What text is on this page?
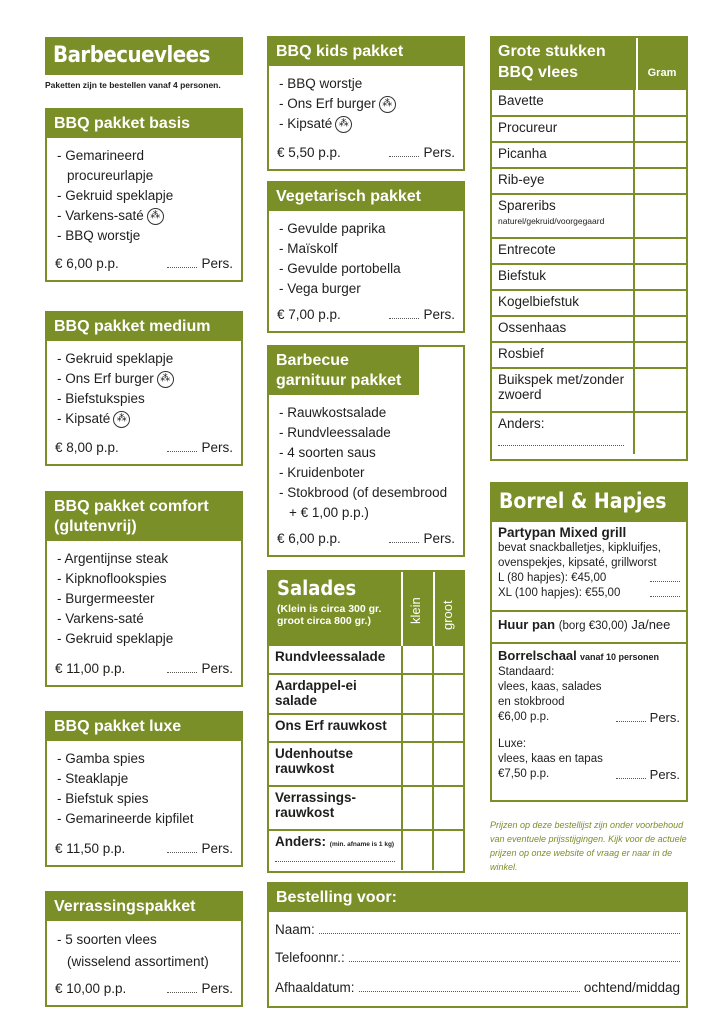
Barbecuevlees
Paketten zijn te bestellen vanaf 4 personen.
BBQ pakket basis
- Gemarineerd procureurlapje
- Gekruid speklapje
- Varkens-saté ⁂
- BBQ worstje
€ 6,00 p.p.	Pers.
BBQ pakket medium
- Gekruid speklapje
- Ons Erf burger ⁂
- Biefstukspies
- Kipsaté ⁂
€ 8,00 p.p.	Pers.
BBQ pakket comfort (glutenvrij)
- Argentijnse steak
- Kipknoflookspies
- Burgermeester
- Varkens-saté
- Gekruid speklapje
€ 11,00 p.p.	Pers.
BBQ pakket luxe
- Gamba spies
- Steaklapje
- Biefstuk spies
- Gemarineerde kipfilet
€ 11,50 p.p.	Pers.
Verrassingspakket
- 5 soorten vlees
(wisselend assortiment)
€ 10,00 p.p.	Pers.
BBQ kids pakket
- BBQ worstje
- Ons Erf burger ⁂
- Kipsaté ⁂
€ 5,50 p.p.	Pers.
Vegetarisch pakket
- Gevulde paprika
- Maïskolf
- Gevulde portobella
- Vega burger
€ 7,00 p.p.	Pers.
Barbecue garnituur pakket
- Rauwkostsalade
- Rundvleessalade
- 4 soorten saus
- Kruidenboter
- Stokbrood (of desembrood + € 1,00 p.p.)
€ 6,00 p.p.	Pers.
Salades
(Klein is circa 300 gr.
groot circa 800 gr.)	klein groot
Rundvleessalade		
Aardappel-ei salade		
Ons Erf rauwkost		
Udenhoutse rauwkost		
Verrassings-rauwkost		
Anders: (min. afname is 1 kg)

Grote stukken BBQ vlees	Gram
Bavette	
Procureur	
Picanha	
Rib-eye	

Spareribs
naturel/gekruid/voorgegaard	

Entrecote	
Biefstuk	
Kogelbiefstuk	
Ossenhaas	
Rosbief	
Buikspek met/zonder zwoerd	

Anders:	

Borrel & Hapjes
Partypan Mixed grill
bevat snackballetjes, kipkluifjes, ovenspekjes, kipsaté, grillworst
L (80 hapjes): €45,00
XL (100 hapjes): €55,00
Huur pan (borg €30,00) Ja/nee
Borrelschaal vanaf 10 personen
Standaard:
vlees, kaas, salades
en stokbrood
€6,00 p.p.	Pers.
Luxe:
vlees, kaas en tapas
€7,50 p.p.	Pers.
Prijzen op deze bestellijst zijn onder voorbehoud van eventuele prijsstijgingen. Kijk voor de actuele prijzen op onze website of vraag er naar in de winkel.
Bestelling voor:
Naam:
Telefoonnr.:
Afhaaldatum:	ochtend/middag
